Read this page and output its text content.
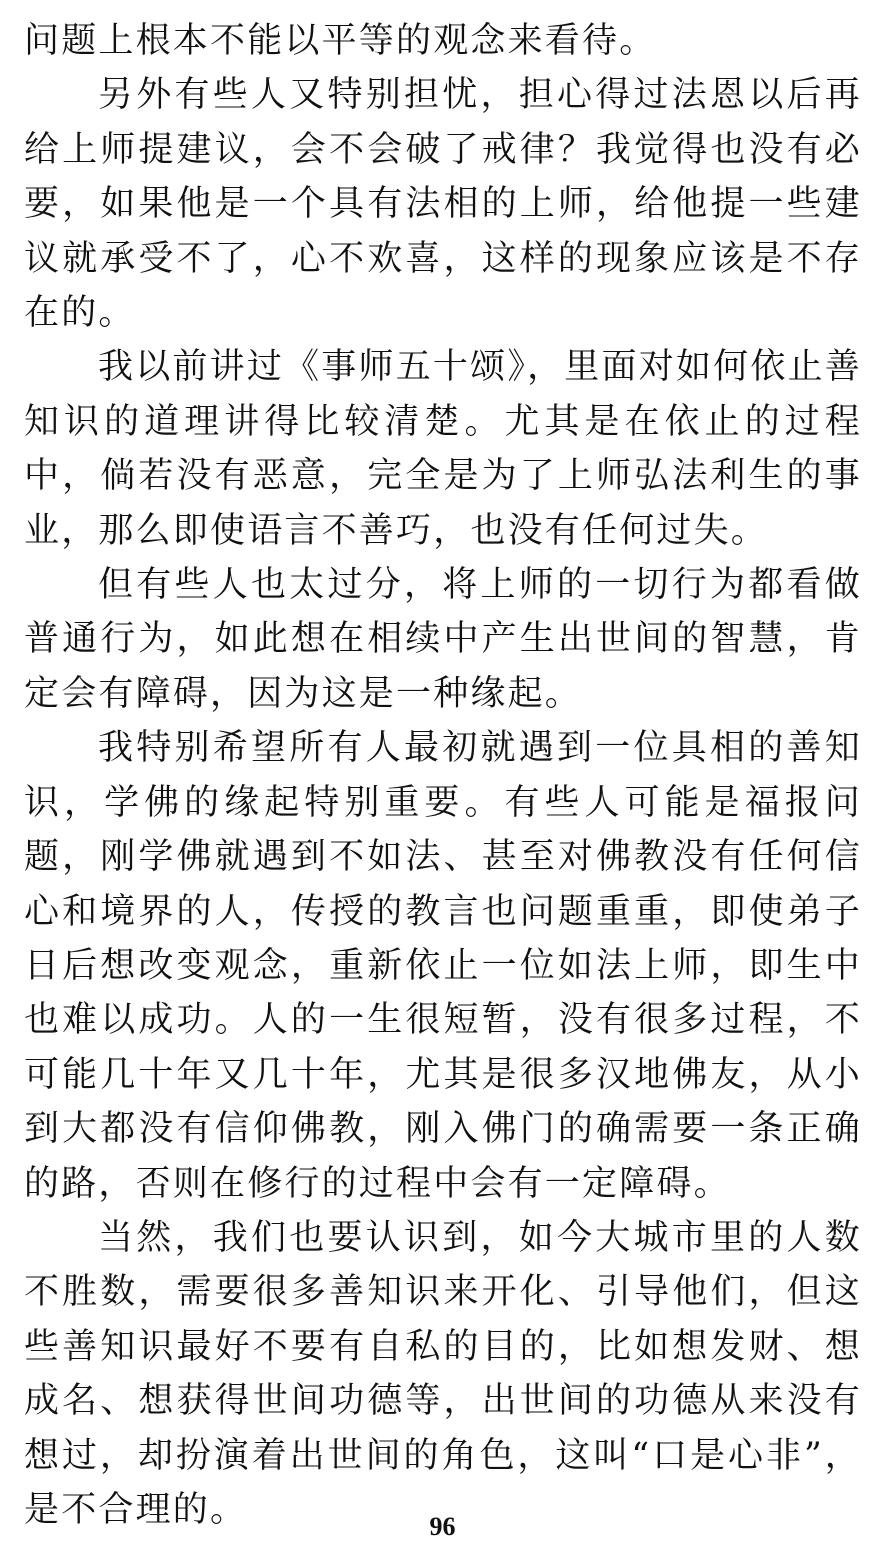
问题上根本不能以平等的观念来看待。

另外有些人又特别担忧，担心得过法恩以后再给上师提建议，会不会破了戒律？我觉得也没有必要，如果他是一个具有法相的上师，给他提一些建议就承受不了，心不欢喜，这样的现象应该是不存在的。

我以前讲过《事师五十颂》，里面对如何依止善知识的道理讲得比较清楚。尤其是在依止的过程中，倘若没有恶意，完全是为了上师弘法利生的事业，那么即使语言不善巧，也没有任何过失。

但有些人也太过分，将上师的一切行为都看做普通行为，如此想在相续中产生出世间的智慧，肯定会有障碍，因为这是一种缘起。

我特别希望所有人最初就遇到一位具相的善知识，学佛的缘起特别重要。有些人可能是福报问题，刚学佛就遇到不如法、甚至对佛教没有任何信心和境界的人，传授的教言也问题重重，即使弟子日后想改变观念，重新依止一位如法上师，即生中也难以成功。人的一生很短暂，没有很多过程，不可能几十年又几十年，尤其是很多汉地佛友，从小到大都没有信仰佛教，刚入佛门的确需要一条正确的路，否则在修行的过程中会有一定障碍。

当然，我们也要认识到，如今大城市里的人数不胜数，需要很多善知识来开化、引导他们，但这些善知识最好不要有自私的目的，比如想发财、想成名、想获得世间功德等，出世间的功德从来没有想过，却扮演着出世间的角色，这叫“口是心非”，是不合理的。	96
